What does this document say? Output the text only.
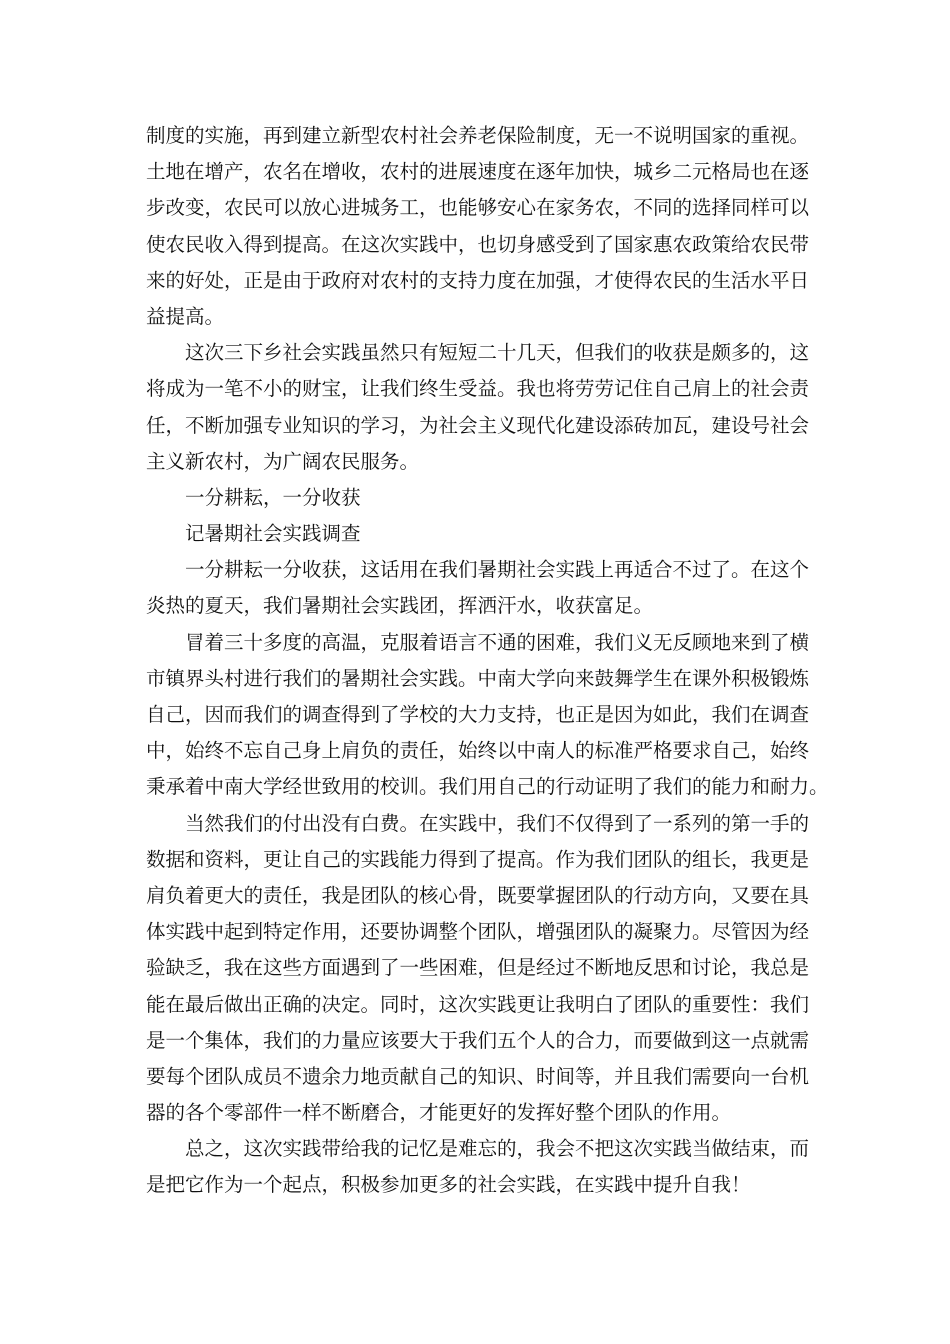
制度的实施，再到建立新型农村社会养老保险制度，无一不说明国家的重视。
土地在增产，农名在增收，农村的进展速度在逐年加快，城乡二元格局也在逐
步改变，农民可以放心进城务工，也能够安心在家务农，不同的选择同样可以
使农民收入得到提高。在这次实践中，也切身感受到了国家惠农政策给农民带
来的好处，正是由于政府对农村的支持力度在加强，才使得农民的生活水平日
益提高。
这次三下乡社会实践虽然只有短短二十几天，但我们的收获是颇多的，这
将成为一笔不小的财宝，让我们终生受益。我也将劳劳记住自己肩上的社会责
任，不断加强专业知识的学习，为社会主义现代化建设添砖加瓦，建设号社会
主义新农村，为广阔农民服务。
一分耕耘，一分收获
记暑期社会实践调查
一分耕耘一分收获，这话用在我们暑期社会实践上再适合不过了。在这个
炎热的夏天，我们暑期社会实践团，挥洒汗水，收获富足。
冒着三十多度的高温，克服着语言不通的困难，我们义无反顾地来到了横
市镇界头村进行我们的暑期社会实践。中南大学向来鼓舞学生在课外积极锻炼
自己，因而我们的调查得到了学校的大力支持，也正是因为如此，我们在调查
中，始终不忘自己身上肩负的责任，始终以中南人的标准严格要求自己，始终
秉承着中南大学经世致用的校训。我们用自己的行动证明了我们的能力和耐力。
当然我们的付出没有白费。在实践中，我们不仅得到了一系列的第一手的
数据和资料，更让自己的实践能力得到了提高。作为我们团队的组长，我更是
肩负着更大的责任，我是团队的核心骨，既要掌握团队的行动方向，又要在具
体实践中起到特定作用，还要协调整个团队，增强团队的凝聚力。尽管因为经
验缺乏，我在这些方面遇到了一些困难，但是经过不断地反思和讨论，我总是
能在最后做出正确的决定。同时，这次实践更让我明白了团队的重要性：我们
是一个集体，我们的力量应该要大于我们五个人的合力，而要做到这一点就需
要每个团队成员不遗余力地贡献自己的知识、时间等，并且我们需要向一台机
器的各个零部件一样不断磨合，才能更好的发挥好整个团队的作用。
总之，这次实践带给我的记忆是难忘的，我会不把这次实践当做结束，而
是把它作为一个起点，积极参加更多的社会实践，在实践中提升自我！
